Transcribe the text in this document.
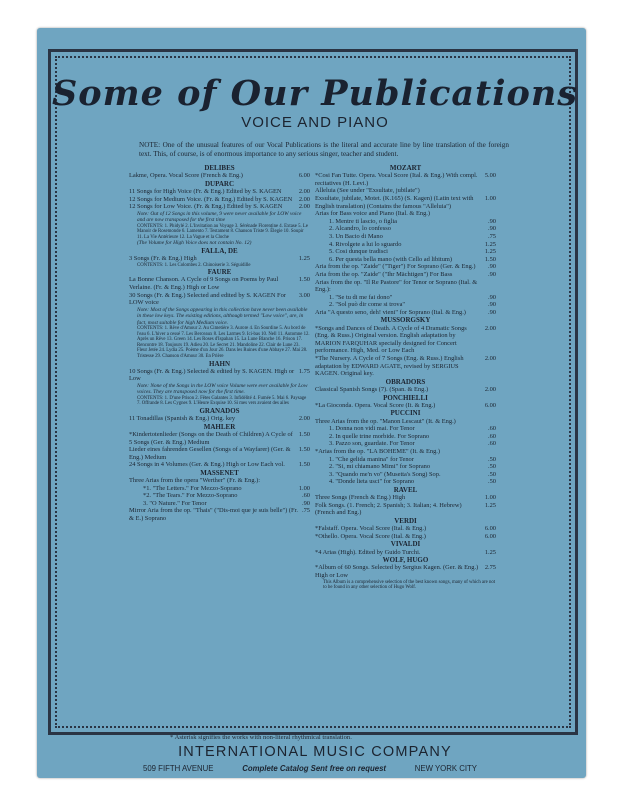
Some of Our Publications
VOICE AND PIANO
NOTE: One of the unusual features of our Vocal Publications is the literal and accurate line by line translation of the foreign text. This, of course, is of enormous importance to any serious singer, teacher and student.
DELIBES
Lakme, Opera. Vocal Score (French & Eng.)	6.00
DUPARC
11 Songs for High Voice (Fr. & Eng.) Edited by S. KAGEN	2.00
12 Songs for Medium Voice. (Fr. & Eng.) Edited by S. KAGEN	2.00
12 Songs for Low Voice. (Fr. & Eng.) Edited by S. KAGEN	2.00
Note: Out of 12 Songs in this volume, 9 were never available for LOW voice and are now transposed for the first time
CONTENTS: 1. Phidylé 2. L'Invitation au Voyage 3. Sérénade Florentine 4. Extase 5. Le Manoir de Rosemonde 6. Lamento 7. Testament 8. Chanson Triste 9. Élegie 10. Soupir 11. La Vie Antérieure 12. La Vague et la Cloche
(The Volume for High Voice does not contain No. 12)
FALLA, DE
3 Songs (Fr. & Eng.) High	1.25
CONTENTS: 1. Les Colombes 2. Chinoiserie 3. Séguidille
FAURE
La Bonne Chanson. A Cycle of 9 Songs on Poems by Paul Verlaine. (Fr. & Eng.) High or Low
1.50
30 Songs (Fr. & Eng.) Selected and edited by S. KAGEN For LOW voice
3.00
Note: Most of the Songs appearing in this collection have never been available in these low keys. The existing editions, although termed "Low voice", are, in fact, most suitable for high Medium voice.
CONTENTS: 1. Rêve d'Amour 2. Au Cimetière 3. Aurore 4. En Sourdine 5. Au bord de l'eau 6. L'hiver a cessé 7. Les Berceaux 8. Les Larmes 9. Ici-bas 10. Nell 11. Automne 12. Après un Rêve 13. Green 14. Les Roses d'Ispahan 15. La Lune Blanche 16. Prison 17. Rencontre 18. Toujours 19. Adieu 20. Le Secret 21. Mandoline 22. Clair de Lune 23. Fleur Jetée 24. Lydia 25. Poème d'un Jour 26. Dans les Ruines d'une Abbaye 27. Mai 28. Tristesse 29. Chanson d'Amour 30. En Prière
HAHN
10 Songs (Fr. & Eng.) Selected & edited by S. KAGEN. High or Low
1.75
Note: None of the Songs in the LOW voice Volume were ever available for Low voices. They are transposed now for the first time.
CONTENTS: 1. D'une Prison 2. Fêtes Galantes 3. Infidélité 4. Fumée 5. Mai 6. Paysage 7. Offrande 8. Les Cygnes 9. L'Heure Exquise 10. Si mes vers avaient des ailes
GRANADOS
11 Tonadillas (Spanish & Eng.) Orig. key	2.00
MAHLER
*Kindertotenlieder (Songs on the Death of Children) A Cycle of 5 Songs (Ger. & Eng.) Medium
1.50
Lieder eines fahrenden Gesellen (Songs of a Wayfarer) (Ger. & Eng.) Medium
1.50
24 Songs in 4 Volumes (Ger. & Eng.) High or Low Each vol.	1.50
MASSENET
Three Arias from the opera "Werther" (Fr. & Eng.):
*1. "The Letters." For Mezzo-Soprano	1.00
*2. "The Tears." For Mezzo-Soprano	.60
3. "O Nature." For Tenor	.90
Mirror Aria from the op. "Thais" ("Dis-moi que je suis belle") (Fr. & E.) Soprano
.75
MOZART
*Cosi Fan Tutte. Opera. Vocal Score (Ital. & Eng.) With compl. recitatives (H. Levi.)
5.00
Alleluia (See under "Exsultate, jubilate")
Exsultate, jubilate, Motet. (K.165) (S. Kagen) (Latin text with English translation) (Contains the famous "Alleluia")
1.00
Arias for Bass voice and Piano (Ital. & Eng.)
1. Mentre ti lascio, o figlia	.90
2. Alcandro, lo confesso	.90
3. Un Bacio di Mano	.75
4. Rivolgete a lui lo sguardo	1.25
5. Cosi dunque tradisci	1.25
6. Per questa bella mano (with Cello ad libitum)	1.50
Aria from the op. "Zaide" ("Tiger") For Soprano (Ger. & Eng.)	.90
Aria from the op. "Zaide" ("Ihr Mächtigen") For Bass	.90
Arias from the op. "Il Re Pastore" for Tenor or Soprano (Ital. & Eng.):
1. "Se tu di me fai dono"	.90
2. "Sol può dir come si trova"	.90
Aria "A questo seno, deh! vieni" for Soprano (Ital. & Eng.)	.90
MUSSORGSKY
*Songs and Dances of Death. A Cycle of 4 Dramatic Songs (Eng. & Russ.) Original version. English adaptation by MARION FARQUHAR specially designed for Concert performance. High, Med. or Low Each
2.00
*The Nursery. A Cycle of 7 Songs (Eng. & Russ.) English adaptation by EDWARD AGATE, revised by SERGIUS KAGEN. Original key.
2.00
OBRADORS
Classical Spanish Songs (7). (Span. & Eng.)	2.00
PONCHIELLI
*La Gioconda. Opera. Vocal Score (It. & Eng.)	6.00
PUCCINI
Three Arias from the op. "Manon Lescaut" (It. & Eng.)
1. Donna non vidi mai. For Tenor	.60
2. In quelle trine morbide. For Soprano	.60
3. Pazzo son, guardate. For Tenor	.60
*Arias from the op. "LA BOHEME" (It. & Eng.)
1. "Che gelida manina" for Tenor	.50
2. "Si, mi chiamano Mimi" for Soprano	.50
3. "Quando me'n vo" (Musetta's Song) Sop.	.50
4. "Donde lieta usci" for Soprano	.50
RAVEL
Three Songs (French & Eng.) High	1.00
Folk Songs. (1. French; 2. Spanish; 3. Italian; 4. Hebrew) (French and Eng.)
1.25
VERDI
*Falstaff. Opera. Vocal Score (Ital. & Eng.)	6.00
*Othello. Opera. Vocal Score (Ital. & Eng.)	6.00
VIVALDI
*4 Arias (High). Edited by Guido Turchi.	1.25
WOLF, HUGO
*Album of 60 Songs. Selected by Sergius Kagen. (Ger. & Eng.) High or Low
2.75
This Album is a comprehensive selection of the best known songs, many of which are not to be found in any other selection of Hugo Wolf.
* Asterisk signifies the works with non-literal rhythmical translation.
INTERNATIONAL MUSIC COMPANY
509 FIFTH AVENUE	Complete Catalog Sent free on request	NEW YORK CITY
